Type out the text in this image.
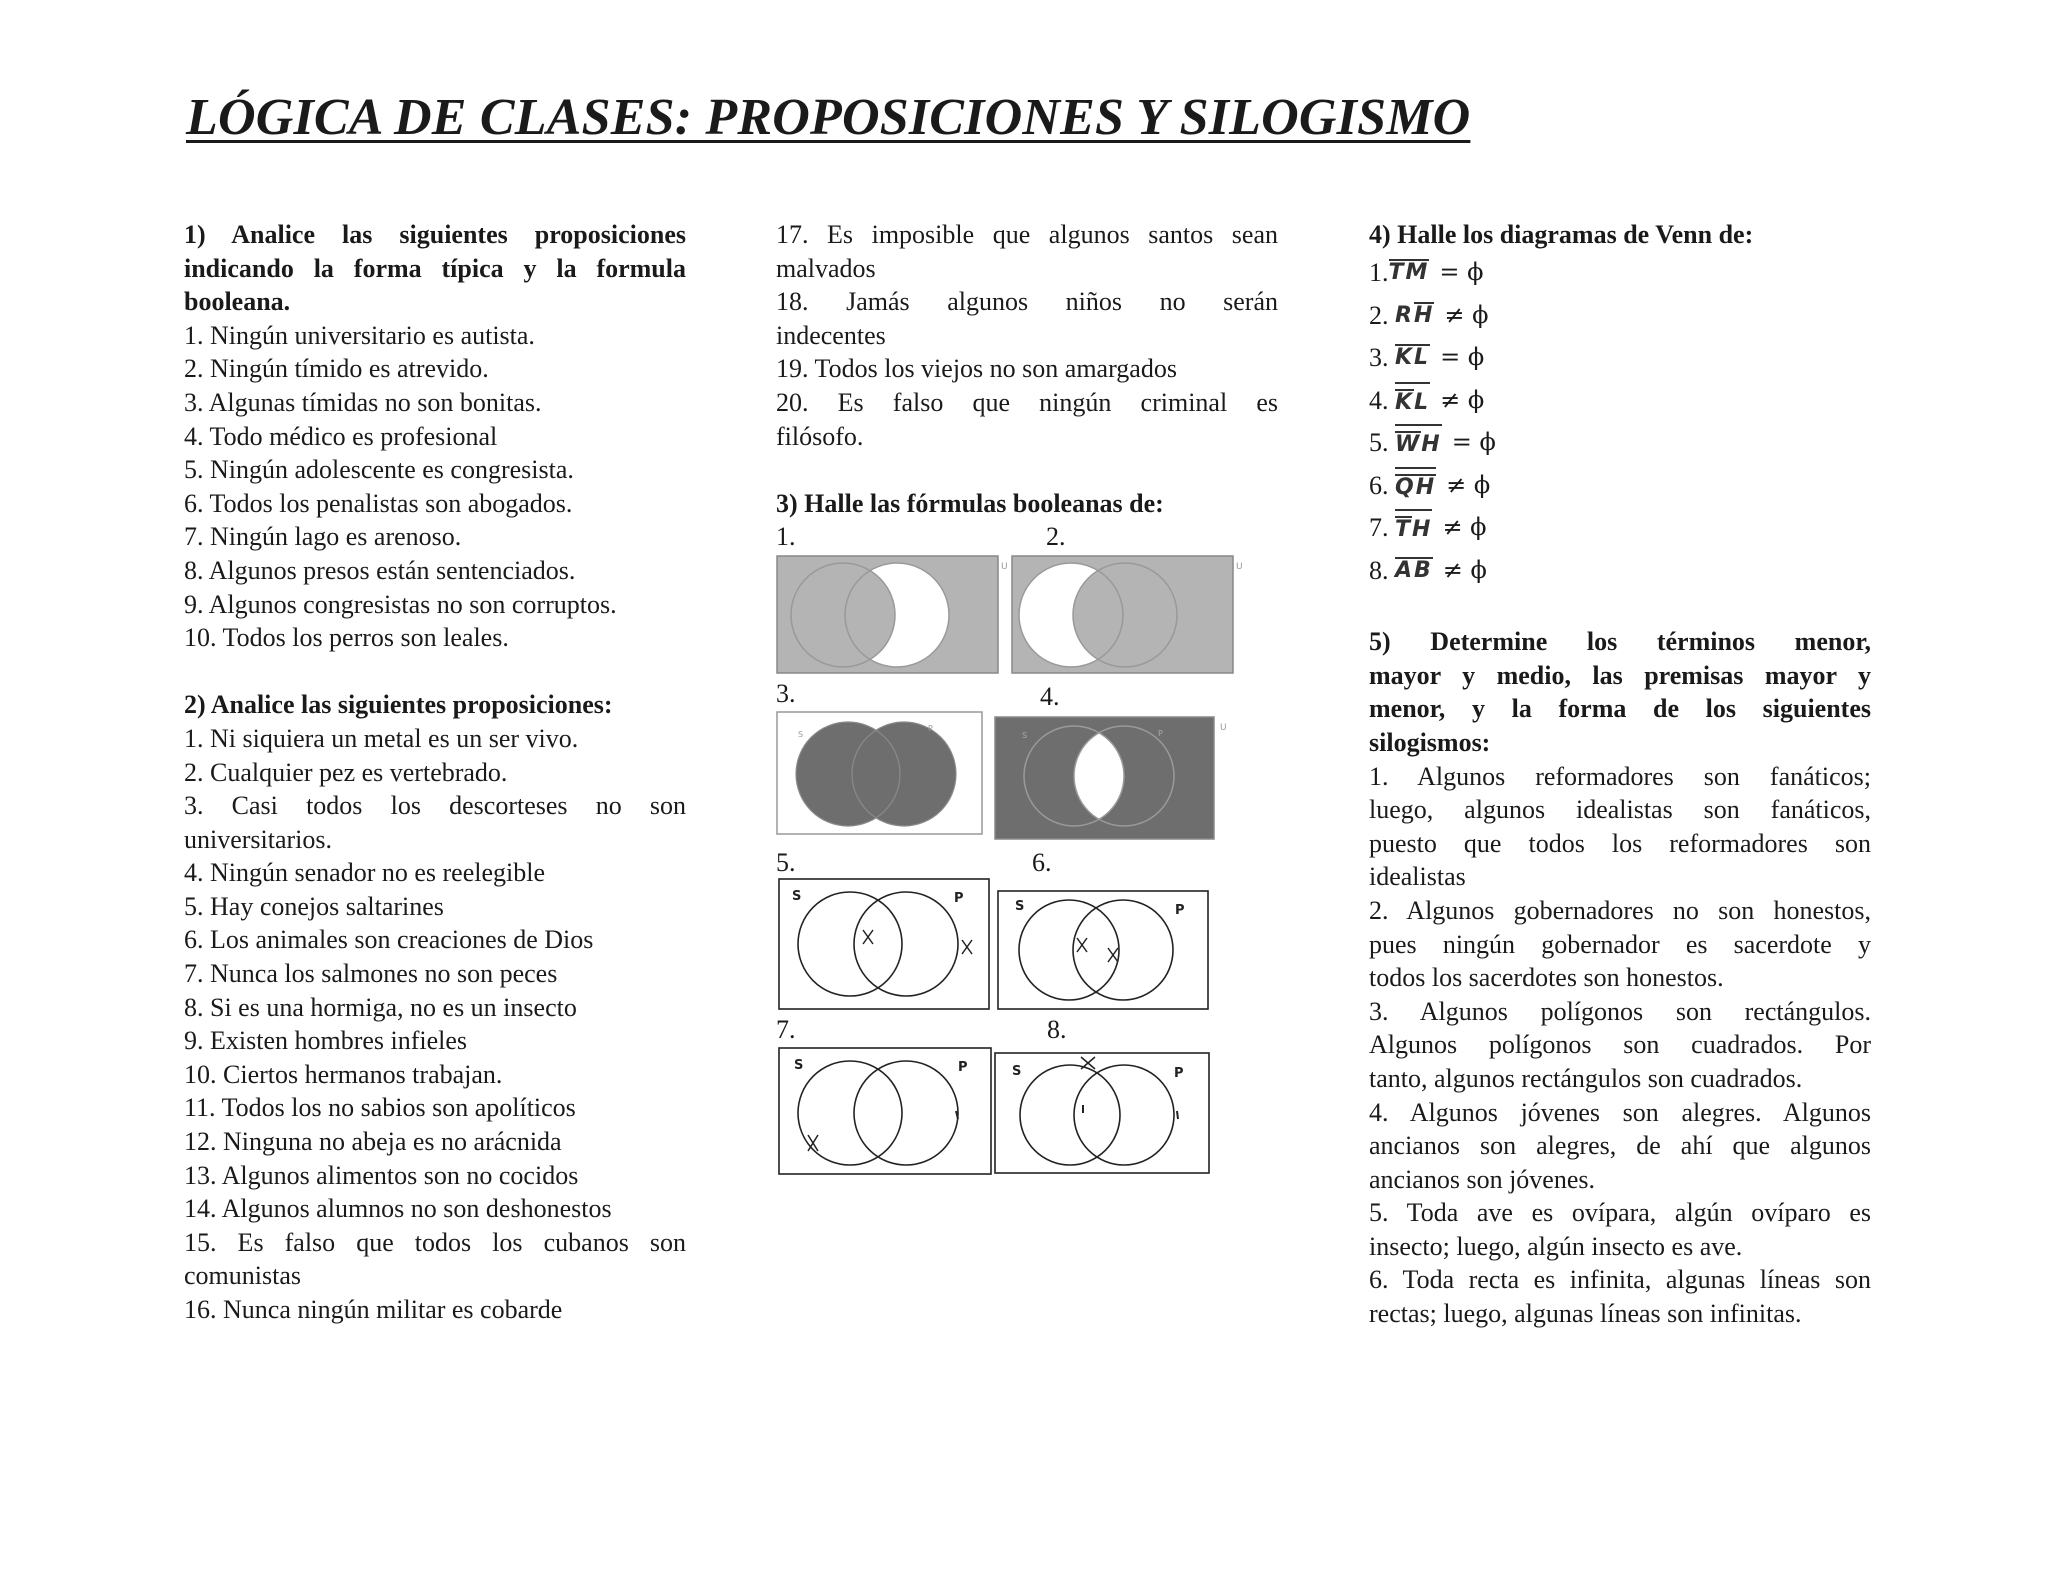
LÓGICA DE CLASES: PROPOSICIONES Y SILOGISMO
1) Analice las siguientes proposiciones
indicando la forma típica y la formula
booleana.
1. Ningún universitario es autista.
2. Ningún tímido es atrevido.
3. Algunas tímidas no son bonitas.
4. Todo médico es profesional
5. Ningún adolescente es congresista.
6. Todos los penalistas son abogados.
7. Ningún lago es arenoso.
8. Algunos presos están sentenciados.
9. Algunos congresistas no son corruptos.
10. Todos los perros son leales.
2) Analice las siguientes proposiciones:
1. Ni siquiera un metal es un ser vivo.
2. Cualquier pez es vertebrado.
3. Casi todos los descorteses no son
universitarios.
4. Ningún senador no es reelegible
5. Hay conejos saltarines
6. Los animales son creaciones de Dios
7. Nunca los salmones no son peces
8. Si es una hormiga, no es un insecto
9. Existen hombres infieles
10. Ciertos hermanos trabajan.
11. Todos los no sabios son apolíticos
12. Ninguna no abeja es no arácnida
13. Algunos alimentos son no cocidos
14. Algunos alumnos no son deshonestos
15. Es falso que todos los cubanos son
comunistas
16. Nunca ningún militar es cobarde
17. Es imposible que algunos santos sean
malvados
18. Jamás algunos niños no serán
indecentes
19. Todos los viejos no son amargados
20. Es falso que ningún criminal es
filósofo.
3) Halle las fórmulas booleanas de:
1.	2.
U	U
3.	4.
S
P
S	P
U
5.	6.
S	P
S	P
7.	8.
S	P	S	P
4) Halle los diagramas de Venn de:
1. TM = ϕ
2.
RH ≠ ϕ
3.
KL = ϕ
4.
KL ≠ ϕ
5.
WH = ϕ
6.
QH ≠ ϕ
7.
TH ≠ ϕ
8.
AB ≠ ϕ
5) Determine los términos menor,
mayor y medio, las premisas mayor y
menor, y la forma de los siguientes
silogismos:
1. Algunos reformadores son fanáticos;
luego, algunos idealistas son fanáticos,
puesto que todos los reformadores son
idealistas
2. Algunos gobernadores no son honestos,
pues ningún gobernador es sacerdote y
todos los sacerdotes son honestos.
3. Algunos polígonos son rectángulos.
Algunos polígonos son cuadrados. Por
tanto, algunos rectángulos son cuadrados.
4. Algunos jóvenes son alegres. Algunos
ancianos son alegres, de ahí que algunos
ancianos son jóvenes.
5. Toda ave es ovípara, algún ovíparo es
insecto; luego, algún insecto es ave.
6. Toda recta es infinita, algunas líneas son
rectas; luego, algunas líneas son infinitas.
